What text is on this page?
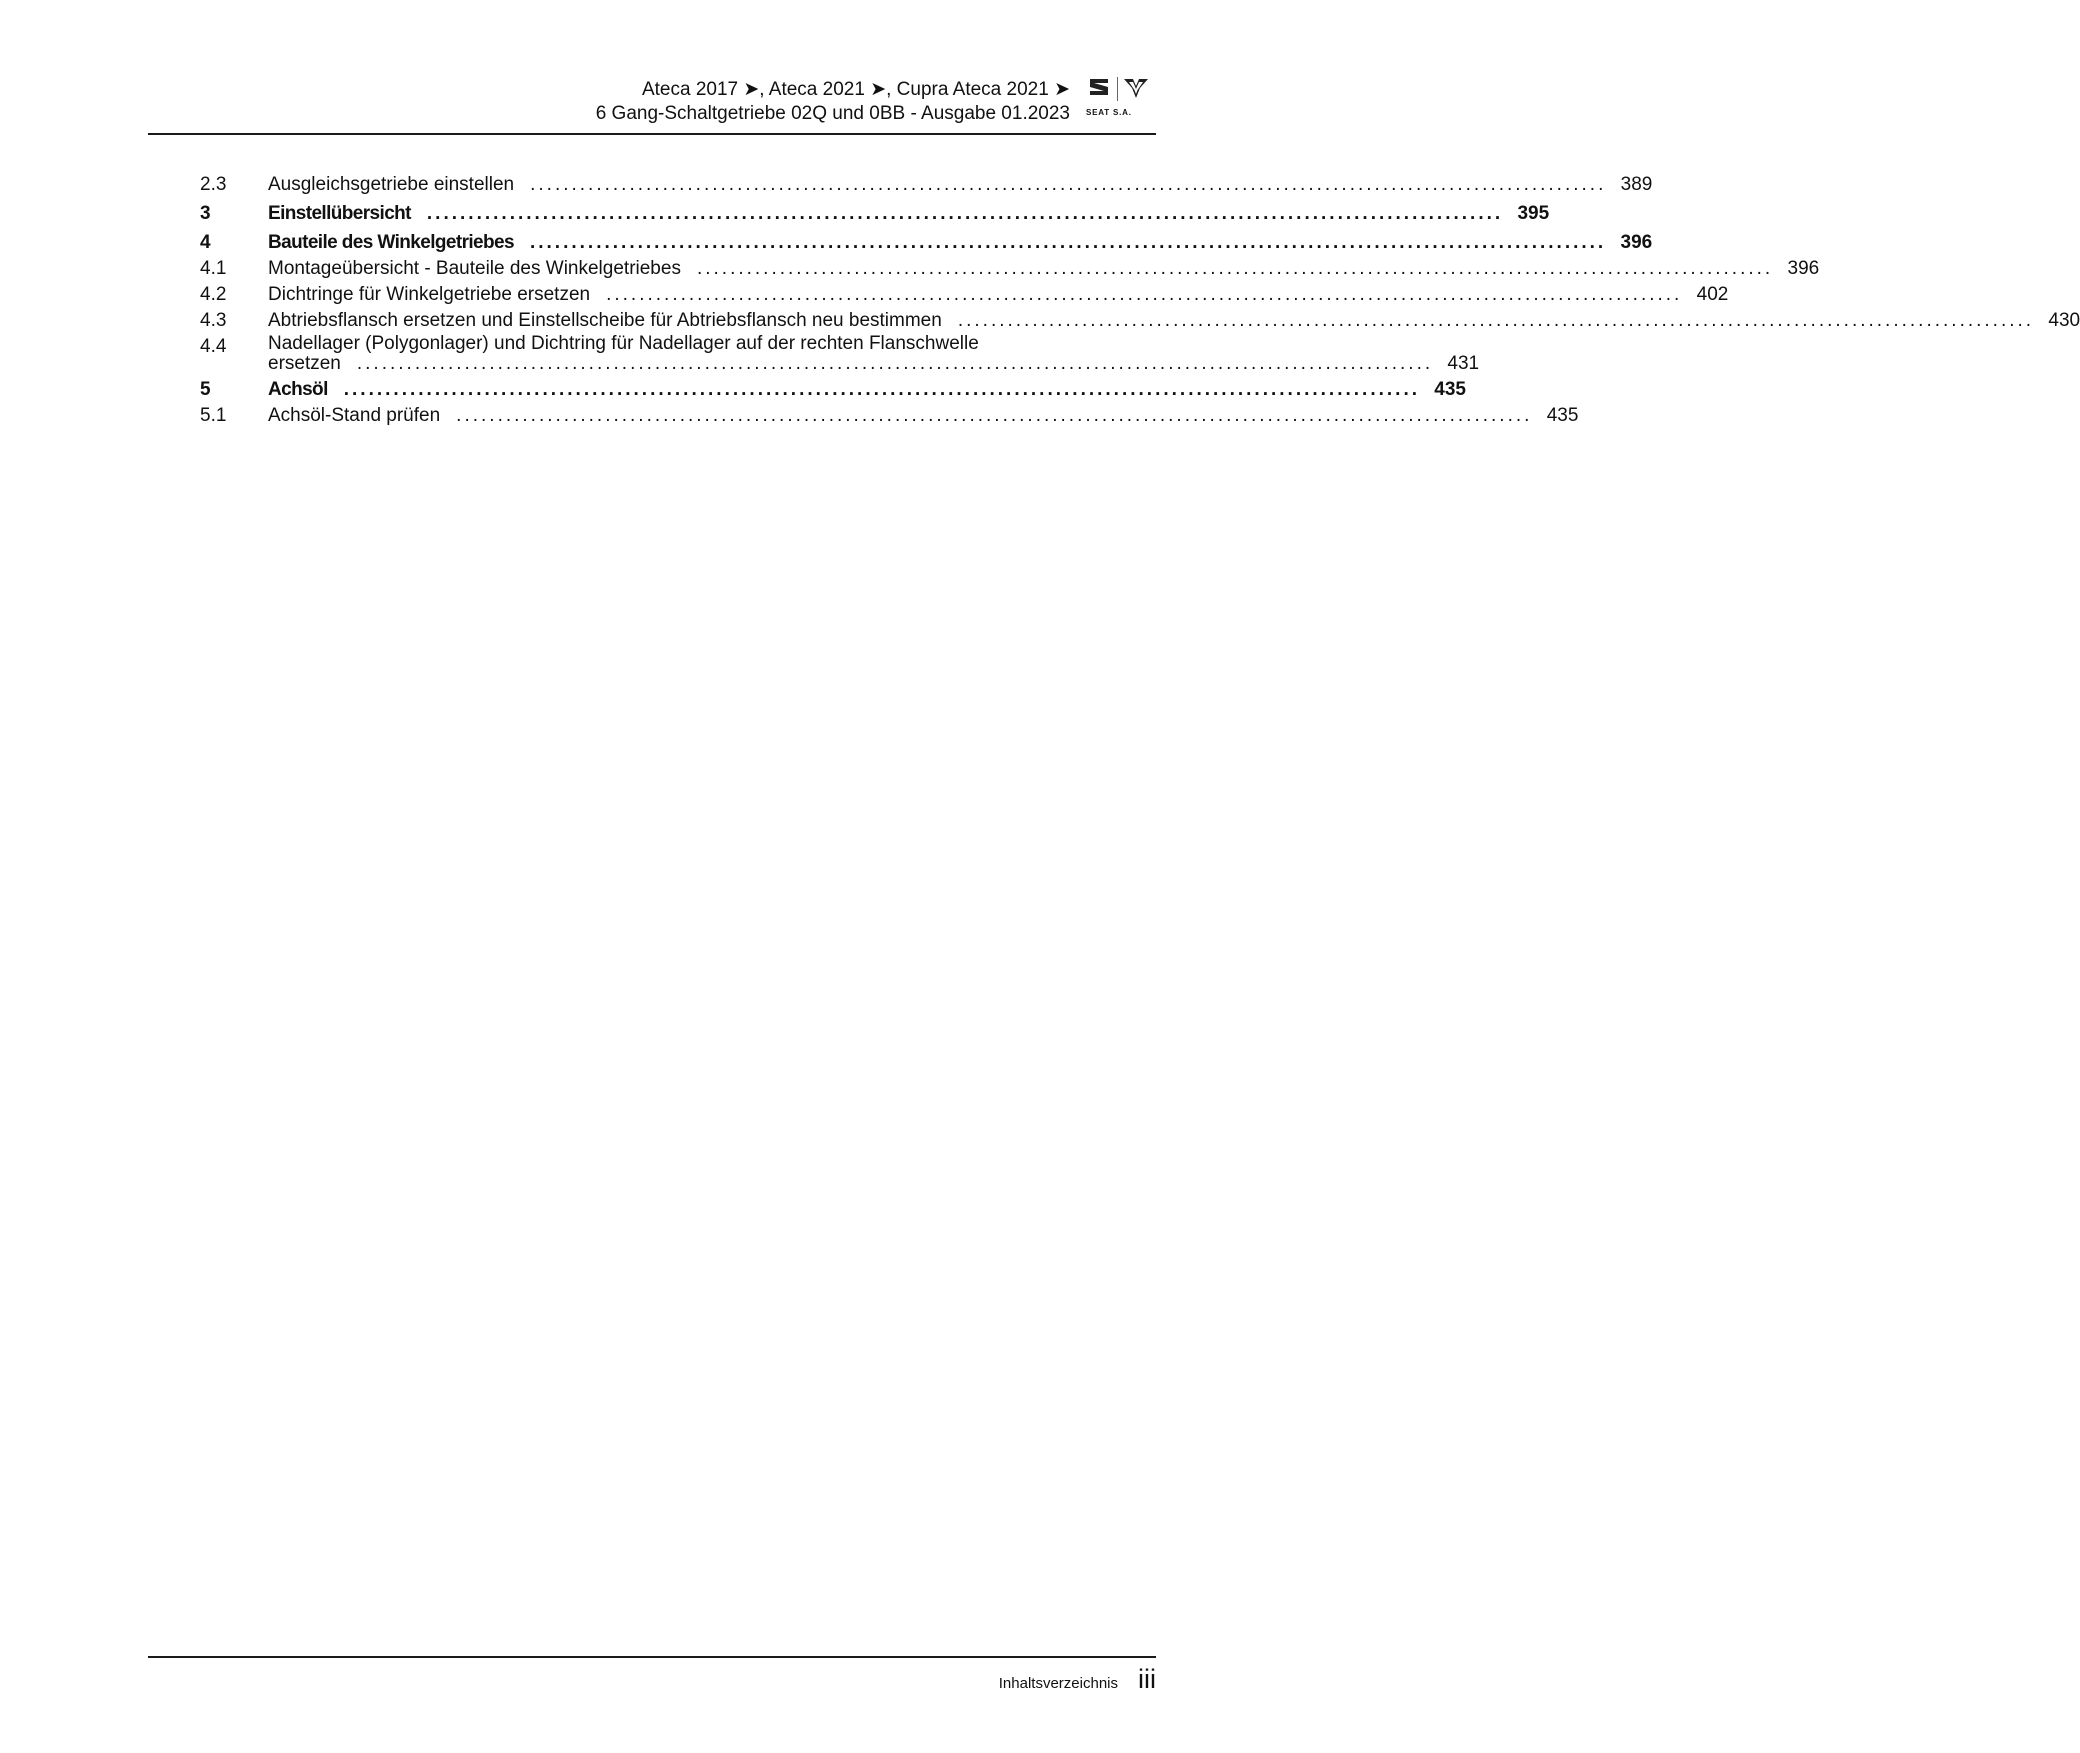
Ateca 2017 ➤, Ateca 2021 ➤, Cupra Ateca 2021 ➤
6 Gang-Schaltgetriebe 02Q und 0BB - Ausgabe 01.2023 SEAT S.A.
2.3	Ausgleichsgetriebe einstellen .................................................................................................................................. 389
3	Einstellübersicht .................................................................................................................................. 395
4	Bauteile des Winkelgetriebes .................................................................................................................................. 396
4.1	Montageübersicht - Bauteile des Winkelgetriebes .................................................................................................................................. 396
4.2	Dichtringe für Winkelgetriebe ersetzen .................................................................................................................................. 402
4.3	Abtriebsflansch ersetzen und Einstellscheibe für Abtriebsflansch neu bestimmen .................................................................................................................................. 430
4.4	Nadellager (Polygonlager) und Dichtring für Nadellager auf der rechten Flanschwelle
ersetzen .................................................................................................................................. 431
5	Achsöl .................................................................................................................................. 435
5.1	Achsöl-Stand prüfen .................................................................................................................................. 435
Inhaltsverzeichnis iii
